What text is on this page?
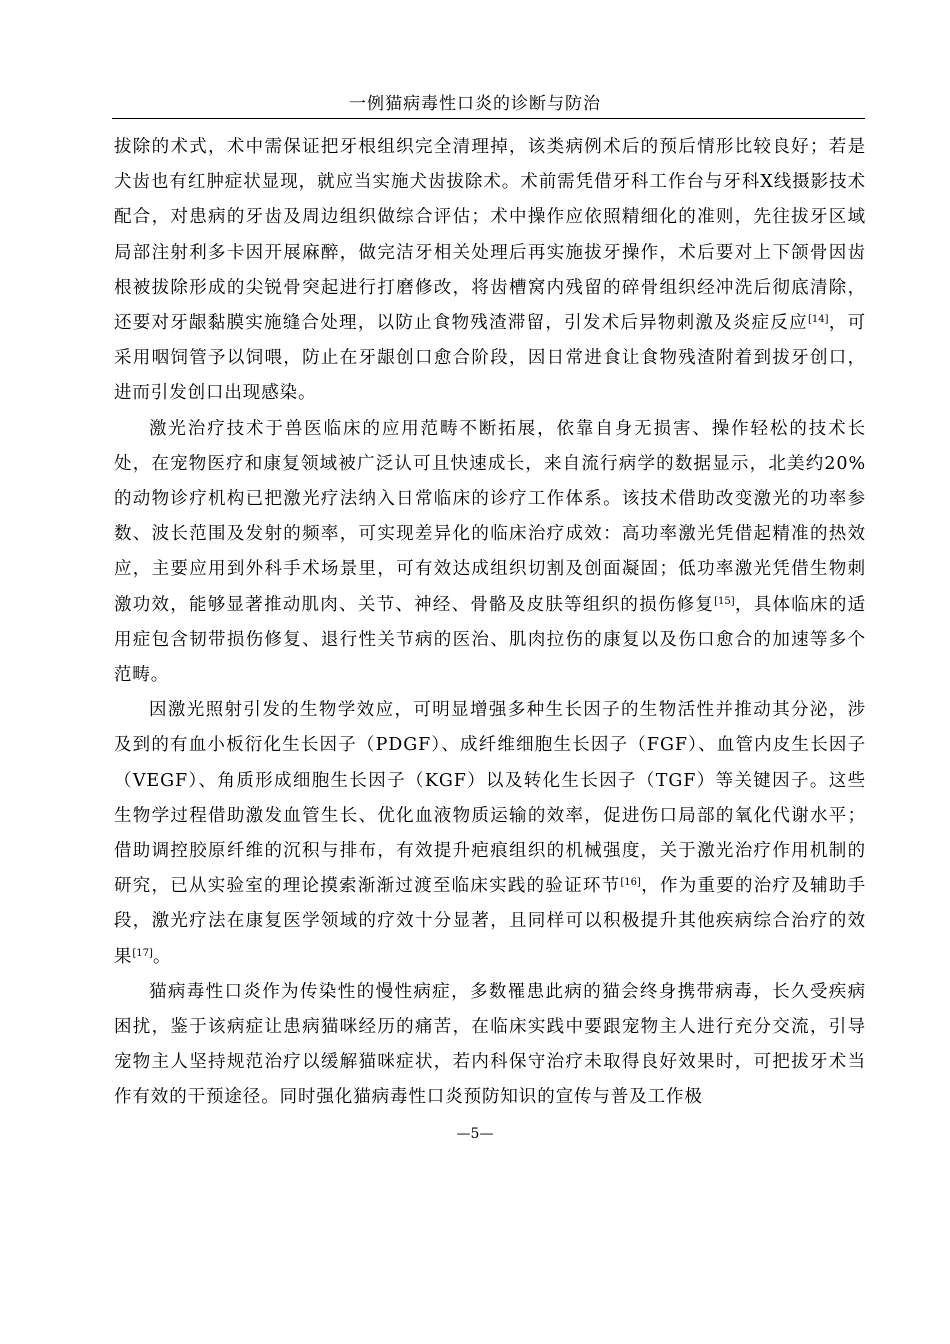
一例猫病毒性口炎的诊断与防治

拔除的术式，术中需保证把牙根组织完全清理掉，该类病例术后的预后情形比较良好；若是犬齿也有红肿症状显现，就应当实施犬齿拔除术。术前需凭借牙科工作台与牙科X线摄影技术配合，对患病的牙齿及周边组织做综合评估；术中操作应依照精细化的准则，先往拔牙区域局部注射利多卡因开展麻醉，做完洁牙相关处理后再实施拔牙操作，术后要对上下颌骨因齿根被拔除形成的尖锐骨突起进行打磨修改，将齿槽窝内残留的碎骨组织经冲洗后彻底清除，还要对牙龈黏膜实施缝合处理，以防止食物残渣滞留，引发术后异物刺激及炎症反应[14]，可采用咽饲管予以饲喂，防止在牙龈创口愈合阶段，因日常进食让食物残渣附着到拔牙创口，进而引发创口出现感染。

激光治疗技术于兽医临床的应用范畴不断拓展，依靠自身无损害、操作轻松的技术长处，在宠物医疗和康复领域被广泛认可且快速成长，来自流行病学的数据显示，北美约20%的动物诊疗机构已把激光疗法纳入日常临床的诊疗工作体系。该技术借助改变激光的功率参数、波长范围及发射的频率，可实现差异化的临床治疗成效：高功率激光凭借起精准的热效应，主要应用到外科手术场景里，可有效达成组织切割及创面凝固；低功率激光凭借生物刺激功效，能够显著推动肌肉、关节、神经、骨骼及皮肤等组织的损伤修复[15]，具体临床的适用症包含韧带损伤修复、退行性关节病的医治、肌肉拉伤的康复以及伤口愈合的加速等多个范畴。

因激光照射引发的生物学效应，可明显增强多种生长因子的生物活性并推动其分泌，涉及到的有血小板衍化生长因子（PDGF）、成纤维细胞生长因子（FGF）、血管内皮生长因子（VEGF）、角质形成细胞生长因子（KGF）以及转化生长因子（TGF）等关键因子。这些生物学过程借助激发血管生长、优化血液物质运输的效率，促进伤口局部的氧化代谢水平；借助调控胶原纤维的沉积与排布，有效提升疤痕组织的机械强度，关于激光治疗作用机制的研究，已从实验室的理论摸索渐渐过渡至临床实践的验证环节[16]，作为重要的治疗及辅助手段，激光疗法在康复医学领域的疗效十分显著，且同样可以积极提升其他疾病综合治疗的效果[17]。

猫病毒性口炎作为传染性的慢性病症，多数罹患此病的猫会终身携带病毒，长久受疾病困扰，鉴于该病症让患病猫咪经历的痛苦，在临床实践中要跟宠物主人进行充分交流，引导宠物主人坚持规范治疗以缓解猫咪症状，若内科保守治疗未取得良好效果时，可把拔牙术当作有效的干预途径。同时强化猫病毒性口炎预防知识的宣传与普及工作极

—5—
